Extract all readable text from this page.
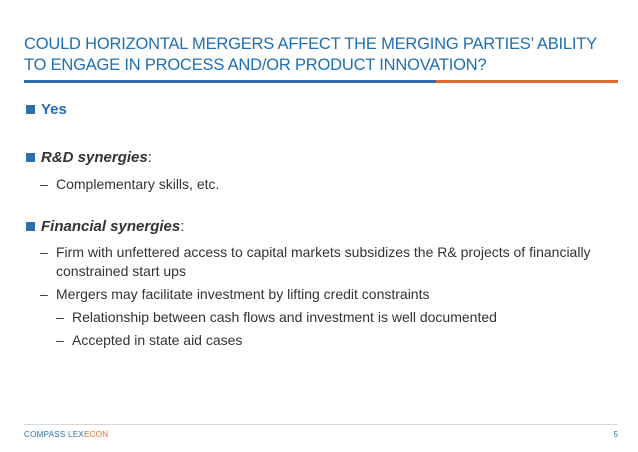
COULD HORIZONTAL MERGERS AFFECT THE MERGING PARTIES’ ABILITY TO ENGAGE IN PROCESS AND/OR PRODUCT INNOVATION?
Yes
R&D synergies:
– Complementary skills, etc.
Financial synergies:
– Firm with unfettered access to capital markets subsidizes the R& projects of financially constrained start ups
– Mergers may facilitate investment by lifting credit constraints
– Relationship between cash flows and investment is well documented
– Accepted in state aid cases
COMPASS LEXECON	5
